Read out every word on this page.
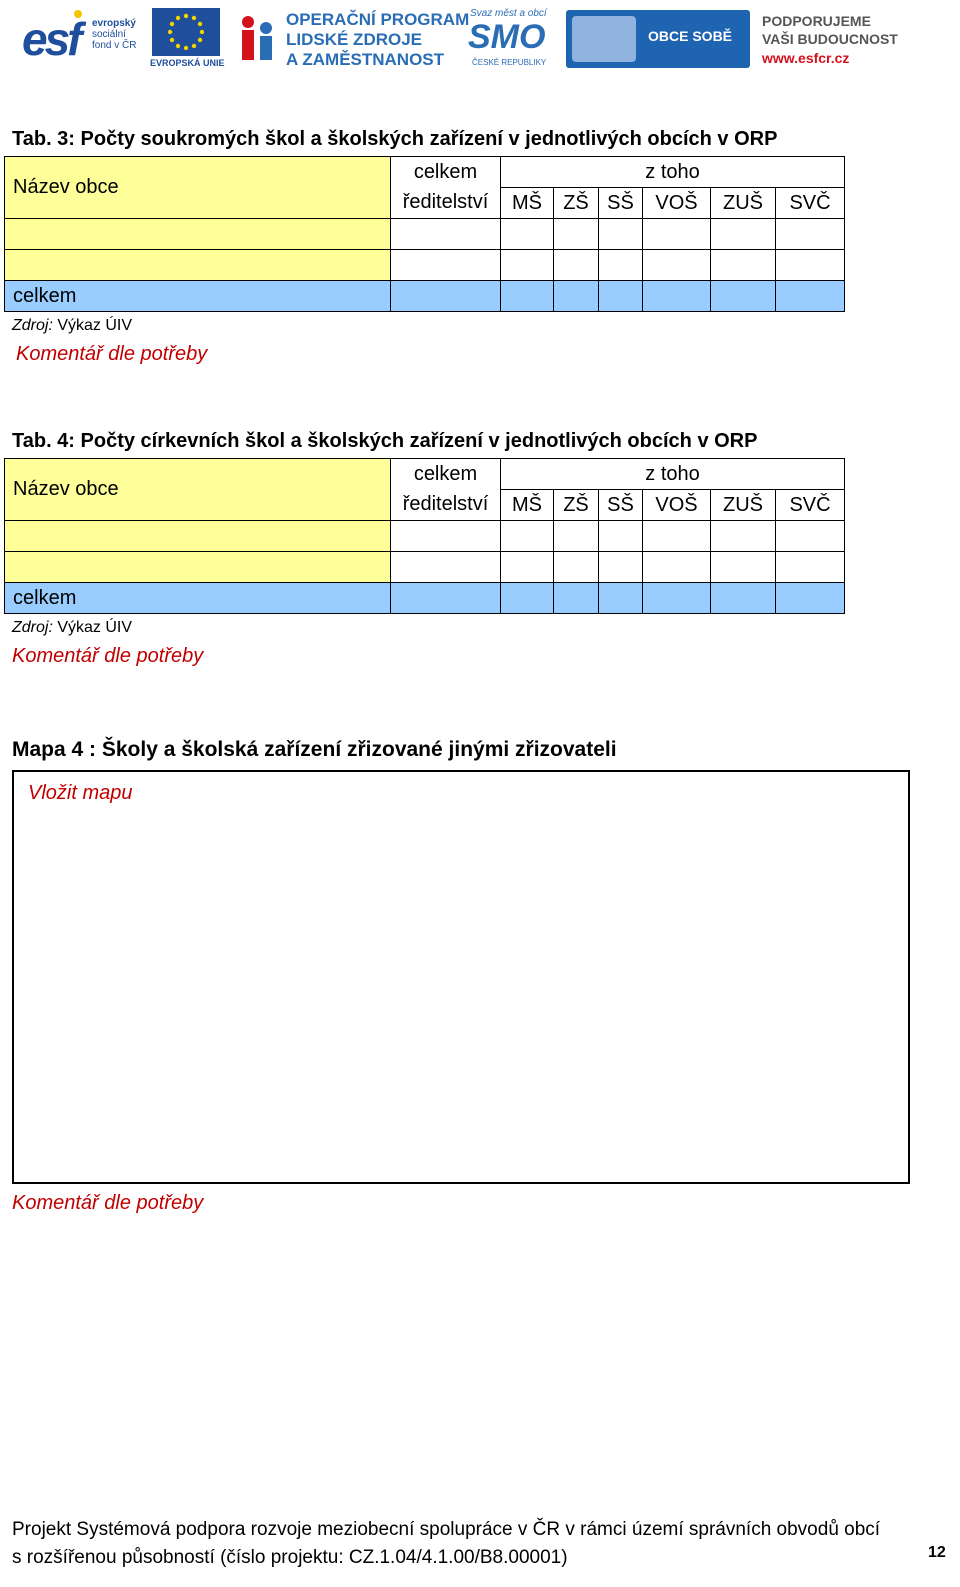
esf evropský
sociální
fond v ČR
EVROPSKÁ UNIE
OPERAČNÍ PROGRAM
LIDSKÉ ZDROJE
A ZAMĚSTNANOST
Svaz měst a obcí
SMO
ČESKÉ REPUBLIKY
OBCE SOBĚ
PODPORUJEME
VAŠI BUDOUCNOST
www.esfcr.cz
Tab. 3: Počty soukromých škol a školských zařízení v jednotlivých obcích v ORP
Název obce	celkem	z toho					
	ředitelství	MŠ	ZŠ	SŠ	VOŠ	ZUŠ	SVČ

celkem							
Zdroj: Výkaz ÚIV
Komentář dle potřeby
Tab. 4: Počty církevních škol a školských zařízení v jednotlivých obcích v ORP
Název obce	celkem	z toho					
	ředitelství	MŠ	ZŠ	SŠ	VOŠ	ZUŠ	SVČ

celkem							
Zdroj: Výkaz ÚIV
Komentář dle potřeby
Mapa 4 : Školy a školská zařízení zřizované jinými zřizovateli
Vložit mapu
Komentář dle potřeby
Projekt Systémová podpora rozvoje meziobecní spolupráce v ČR v rámci území správních obvodů obcí
s rozšířenou působností (číslo projektu: CZ.1.04/4.1.00/B8.00001)	12
